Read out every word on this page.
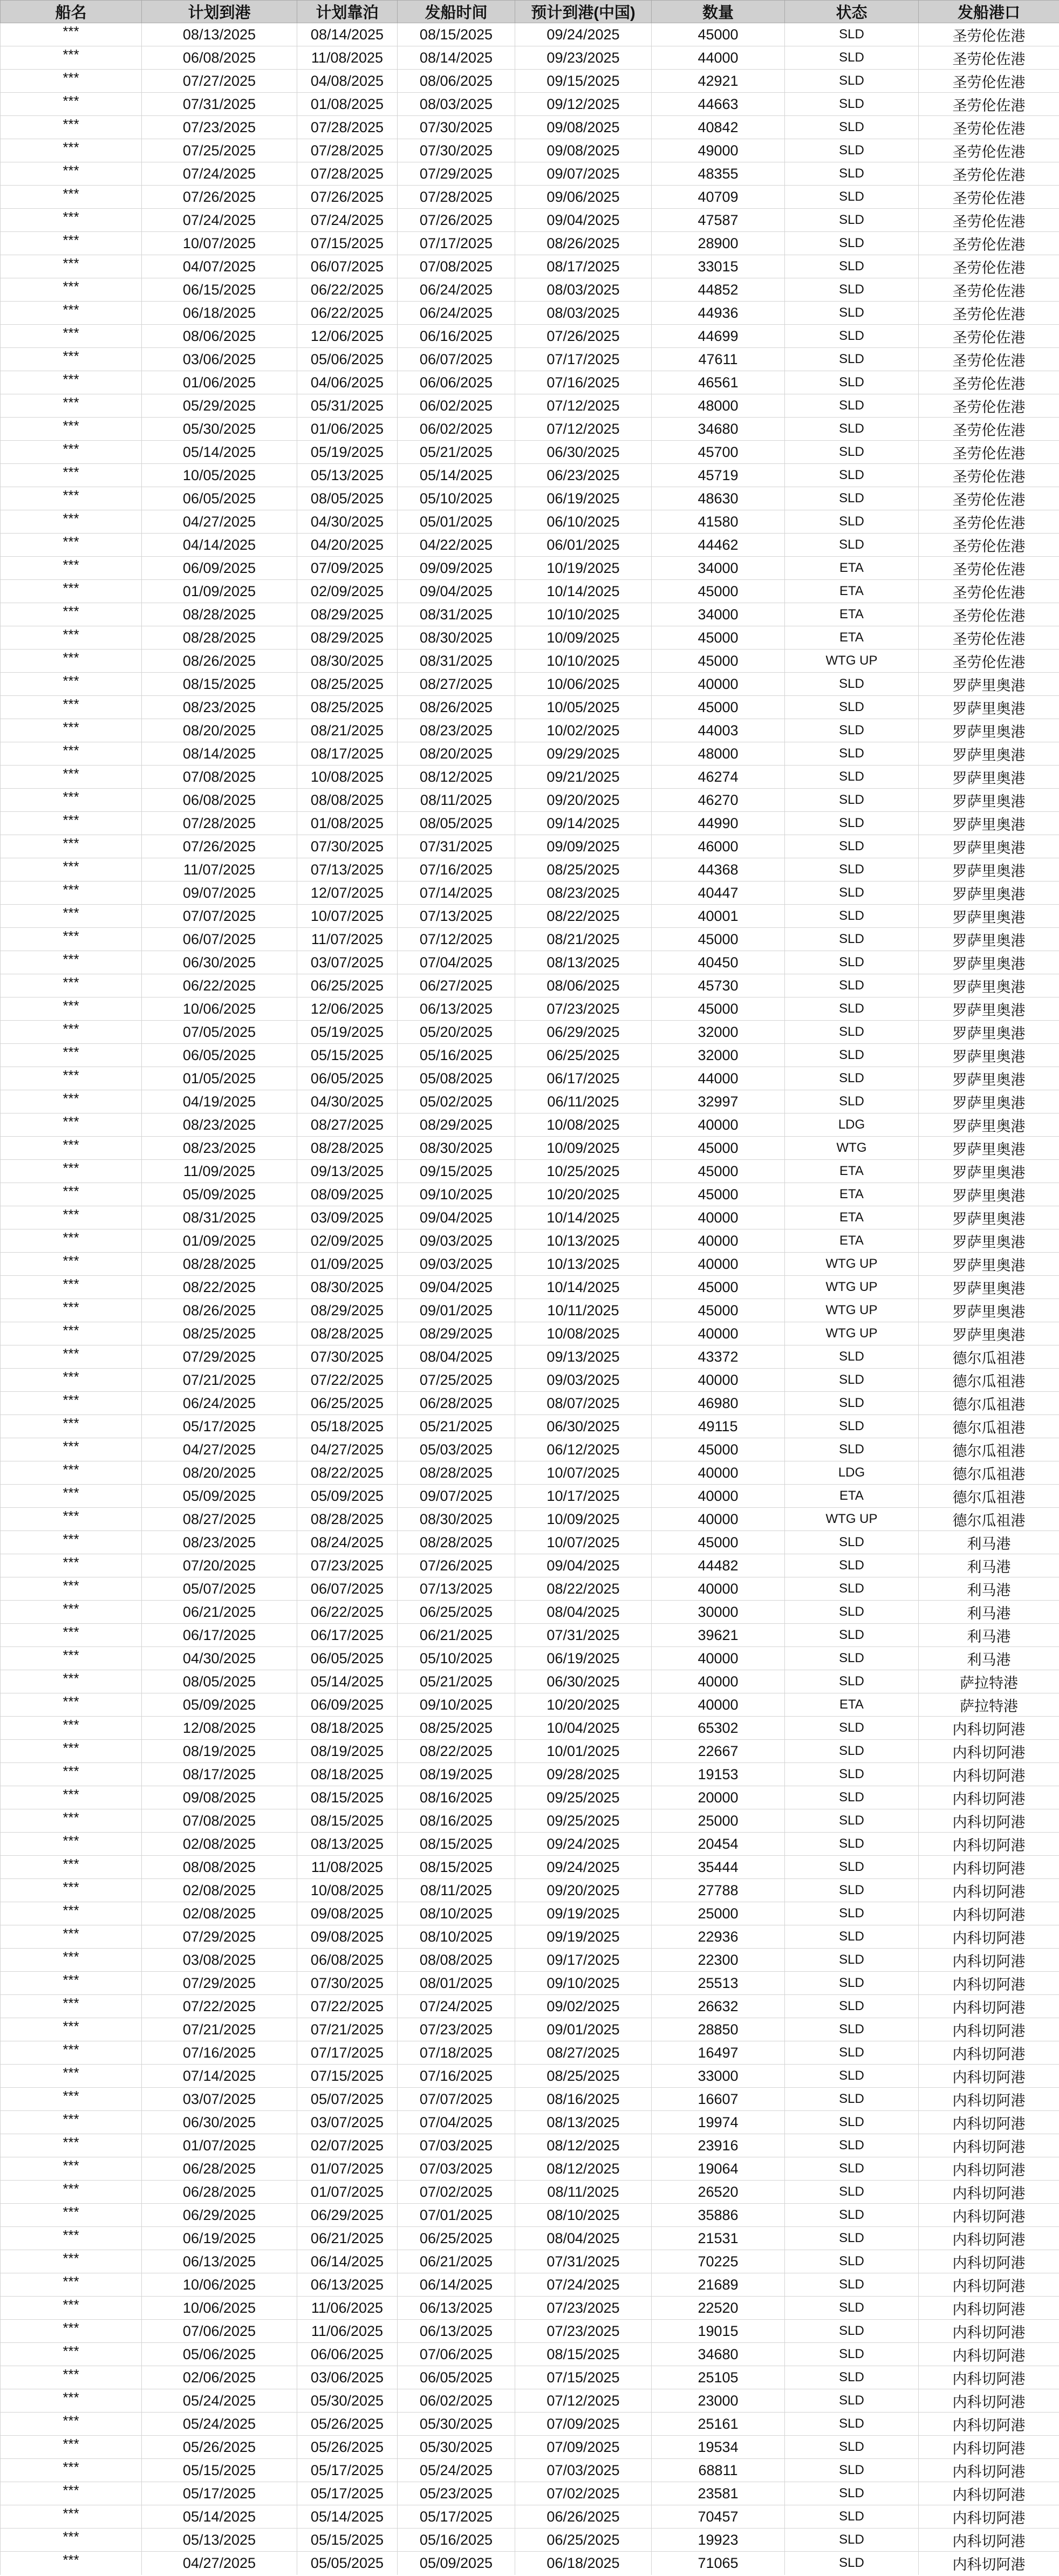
船名	计划到港	计划靠泊	发船时间	预计到港(中国)	数量	状态	发船港口
***	08/13/2025	08/14/2025	08/15/2025	09/24/2025	45000	SLD	圣劳伦佐港
***	06/08/2025	11/08/2025	08/14/2025	09/23/2025	44000	SLD	圣劳伦佐港
***	07/27/2025	04/08/2025	08/06/2025	09/15/2025	42921	SLD	圣劳伦佐港
***	07/31/2025	01/08/2025	08/03/2025	09/12/2025	44663	SLD	圣劳伦佐港
***	07/23/2025	07/28/2025	07/30/2025	09/08/2025	40842	SLD	圣劳伦佐港
***	07/25/2025	07/28/2025	07/30/2025	09/08/2025	49000	SLD	圣劳伦佐港
***	07/24/2025	07/28/2025	07/29/2025	09/07/2025	48355	SLD	圣劳伦佐港
***	07/26/2025	07/26/2025	07/28/2025	09/06/2025	40709	SLD	圣劳伦佐港
***	07/24/2025	07/24/2025	07/26/2025	09/04/2025	47587	SLD	圣劳伦佐港
***	10/07/2025	07/15/2025	07/17/2025	08/26/2025	28900	SLD	圣劳伦佐港
***	04/07/2025	06/07/2025	07/08/2025	08/17/2025	33015	SLD	圣劳伦佐港
***	06/15/2025	06/22/2025	06/24/2025	08/03/2025	44852	SLD	圣劳伦佐港
***	06/18/2025	06/22/2025	06/24/2025	08/03/2025	44936	SLD	圣劳伦佐港
***	08/06/2025	12/06/2025	06/16/2025	07/26/2025	44699	SLD	圣劳伦佐港
***	03/06/2025	05/06/2025	06/07/2025	07/17/2025	47611	SLD	圣劳伦佐港
***	01/06/2025	04/06/2025	06/06/2025	07/16/2025	46561	SLD	圣劳伦佐港
***	05/29/2025	05/31/2025	06/02/2025	07/12/2025	48000	SLD	圣劳伦佐港
***	05/30/2025	01/06/2025	06/02/2025	07/12/2025	34680	SLD	圣劳伦佐港
***	05/14/2025	05/19/2025	05/21/2025	06/30/2025	45700	SLD	圣劳伦佐港
***	10/05/2025	05/13/2025	05/14/2025	06/23/2025	45719	SLD	圣劳伦佐港
***	06/05/2025	08/05/2025	05/10/2025	06/19/2025	48630	SLD	圣劳伦佐港
***	04/27/2025	04/30/2025	05/01/2025	06/10/2025	41580	SLD	圣劳伦佐港
***	04/14/2025	04/20/2025	04/22/2025	06/01/2025	44462	SLD	圣劳伦佐港
***	06/09/2025	07/09/2025	09/09/2025	10/19/2025	34000	ETA	圣劳伦佐港
***	01/09/2025	02/09/2025	09/04/2025	10/14/2025	45000	ETA	圣劳伦佐港
***	08/28/2025	08/29/2025	08/31/2025	10/10/2025	34000	ETA	圣劳伦佐港
***	08/28/2025	08/29/2025	08/30/2025	10/09/2025	45000	ETA	圣劳伦佐港
***	08/26/2025	08/30/2025	08/31/2025	10/10/2025	45000	WTG UP	圣劳伦佐港
***	08/15/2025	08/25/2025	08/27/2025	10/06/2025	40000	SLD	罗萨里奥港
***	08/23/2025	08/25/2025	08/26/2025	10/05/2025	45000	SLD	罗萨里奥港
***	08/20/2025	08/21/2025	08/23/2025	10/02/2025	44003	SLD	罗萨里奥港
***	08/14/2025	08/17/2025	08/20/2025	09/29/2025	48000	SLD	罗萨里奥港
***	07/08/2025	10/08/2025	08/12/2025	09/21/2025	46274	SLD	罗萨里奥港
***	06/08/2025	08/08/2025	08/11/2025	09/20/2025	46270	SLD	罗萨里奥港
***	07/28/2025	01/08/2025	08/05/2025	09/14/2025	44990	SLD	罗萨里奥港
***	07/26/2025	07/30/2025	07/31/2025	09/09/2025	46000	SLD	罗萨里奥港
***	11/07/2025	07/13/2025	07/16/2025	08/25/2025	44368	SLD	罗萨里奥港
***	09/07/2025	12/07/2025	07/14/2025	08/23/2025	40447	SLD	罗萨里奥港
***	07/07/2025	10/07/2025	07/13/2025	08/22/2025	40001	SLD	罗萨里奥港
***	06/07/2025	11/07/2025	07/12/2025	08/21/2025	45000	SLD	罗萨里奥港
***	06/30/2025	03/07/2025	07/04/2025	08/13/2025	40450	SLD	罗萨里奥港
***	06/22/2025	06/25/2025	06/27/2025	08/06/2025	45730	SLD	罗萨里奥港
***	10/06/2025	12/06/2025	06/13/2025	07/23/2025	45000	SLD	罗萨里奥港
***	07/05/2025	05/19/2025	05/20/2025	06/29/2025	32000	SLD	罗萨里奥港
***	06/05/2025	05/15/2025	05/16/2025	06/25/2025	32000	SLD	罗萨里奥港
***	01/05/2025	06/05/2025	05/08/2025	06/17/2025	44000	SLD	罗萨里奥港
***	04/19/2025	04/30/2025	05/02/2025	06/11/2025	32997	SLD	罗萨里奥港
***	08/23/2025	08/27/2025	08/29/2025	10/08/2025	40000	LDG	罗萨里奥港
***	08/23/2025	08/28/2025	08/30/2025	10/09/2025	45000	WTG	罗萨里奥港
***	11/09/2025	09/13/2025	09/15/2025	10/25/2025	45000	ETA	罗萨里奥港
***	05/09/2025	08/09/2025	09/10/2025	10/20/2025	45000	ETA	罗萨里奥港
***	08/31/2025	03/09/2025	09/04/2025	10/14/2025	40000	ETA	罗萨里奥港
***	01/09/2025	02/09/2025	09/03/2025	10/13/2025	40000	ETA	罗萨里奥港
***	08/28/2025	01/09/2025	09/03/2025	10/13/2025	40000	WTG UP	罗萨里奥港
***	08/22/2025	08/30/2025	09/04/2025	10/14/2025	45000	WTG UP	罗萨里奥港
***	08/26/2025	08/29/2025	09/01/2025	10/11/2025	45000	WTG UP	罗萨里奥港
***	08/25/2025	08/28/2025	08/29/2025	10/08/2025	40000	WTG UP	罗萨里奥港
***	07/29/2025	07/30/2025	08/04/2025	09/13/2025	43372	SLD	德尔瓜祖港
***	07/21/2025	07/22/2025	07/25/2025	09/03/2025	40000	SLD	德尔瓜祖港
***	06/24/2025	06/25/2025	06/28/2025	08/07/2025	46980	SLD	德尔瓜祖港
***	05/17/2025	05/18/2025	05/21/2025	06/30/2025	49115	SLD	德尔瓜祖港
***	04/27/2025	04/27/2025	05/03/2025	06/12/2025	45000	SLD	德尔瓜祖港
***	08/20/2025	08/22/2025	08/28/2025	10/07/2025	40000	LDG	德尔瓜祖港
***	05/09/2025	05/09/2025	09/07/2025	10/17/2025	40000	ETA	德尔瓜祖港
***	08/27/2025	08/28/2025	08/30/2025	10/09/2025	40000	WTG UP	德尔瓜祖港
***	08/23/2025	08/24/2025	08/28/2025	10/07/2025	45000	SLD	利马港
***	07/20/2025	07/23/2025	07/26/2025	09/04/2025	44482	SLD	利马港
***	05/07/2025	06/07/2025	07/13/2025	08/22/2025	40000	SLD	利马港
***	06/21/2025	06/22/2025	06/25/2025	08/04/2025	30000	SLD	利马港
***	06/17/2025	06/17/2025	06/21/2025	07/31/2025	39621	SLD	利马港
***	04/30/2025	06/05/2025	05/10/2025	06/19/2025	40000	SLD	利马港
***	08/05/2025	05/14/2025	05/21/2025	06/30/2025	40000	SLD	萨拉特港
***	05/09/2025	06/09/2025	09/10/2025	10/20/2025	40000	ETA	萨拉特港
***	12/08/2025	08/18/2025	08/25/2025	10/04/2025	65302	SLD	内科切阿港
***	08/19/2025	08/19/2025	08/22/2025	10/01/2025	22667	SLD	内科切阿港
***	08/17/2025	08/18/2025	08/19/2025	09/28/2025	19153	SLD	内科切阿港
***	09/08/2025	08/15/2025	08/16/2025	09/25/2025	20000	SLD	内科切阿港
***	07/08/2025	08/15/2025	08/16/2025	09/25/2025	25000	SLD	内科切阿港
***	02/08/2025	08/13/2025	08/15/2025	09/24/2025	20454	SLD	内科切阿港
***	08/08/2025	11/08/2025	08/15/2025	09/24/2025	35444	SLD	内科切阿港
***	02/08/2025	10/08/2025	08/11/2025	09/20/2025	27788	SLD	内科切阿港
***	02/08/2025	09/08/2025	08/10/2025	09/19/2025	25000	SLD	内科切阿港
***	07/29/2025	09/08/2025	08/10/2025	09/19/2025	22936	SLD	内科切阿港
***	03/08/2025	06/08/2025	08/08/2025	09/17/2025	22300	SLD	内科切阿港
***	07/29/2025	07/30/2025	08/01/2025	09/10/2025	25513	SLD	内科切阿港
***	07/22/2025	07/22/2025	07/24/2025	09/02/2025	26632	SLD	内科切阿港
***	07/21/2025	07/21/2025	07/23/2025	09/01/2025	28850	SLD	内科切阿港
***	07/16/2025	07/17/2025	07/18/2025	08/27/2025	16497	SLD	内科切阿港
***	07/14/2025	07/15/2025	07/16/2025	08/25/2025	33000	SLD	内科切阿港
***	03/07/2025	05/07/2025	07/07/2025	08/16/2025	16607	SLD	内科切阿港
***	06/30/2025	03/07/2025	07/04/2025	08/13/2025	19974	SLD	内科切阿港
***	01/07/2025	02/07/2025	07/03/2025	08/12/2025	23916	SLD	内科切阿港
***	06/28/2025	01/07/2025	07/03/2025	08/12/2025	19064	SLD	内科切阿港
***	06/28/2025	01/07/2025	07/02/2025	08/11/2025	26520	SLD	内科切阿港
***	06/29/2025	06/29/2025	07/01/2025	08/10/2025	35886	SLD	内科切阿港
***	06/19/2025	06/21/2025	06/25/2025	08/04/2025	21531	SLD	内科切阿港
***	06/13/2025	06/14/2025	06/21/2025	07/31/2025	70225	SLD	内科切阿港
***	10/06/2025	06/13/2025	06/14/2025	07/24/2025	21689	SLD	内科切阿港
***	10/06/2025	11/06/2025	06/13/2025	07/23/2025	22520	SLD	内科切阿港
***	07/06/2025	11/06/2025	06/13/2025	07/23/2025	19015	SLD	内科切阿港
***	05/06/2025	06/06/2025	07/06/2025	08/15/2025	34680	SLD	内科切阿港
***	02/06/2025	03/06/2025	06/05/2025	07/15/2025	25105	SLD	内科切阿港
***	05/24/2025	05/30/2025	06/02/2025	07/12/2025	23000	SLD	内科切阿港
***	05/24/2025	05/26/2025	05/30/2025	07/09/2025	25161	SLD	内科切阿港
***	05/26/2025	05/26/2025	05/30/2025	07/09/2025	19534	SLD	内科切阿港
***	05/15/2025	05/17/2025	05/24/2025	07/03/2025	68811	SLD	内科切阿港
***	05/17/2025	05/17/2025	05/23/2025	07/02/2025	23581	SLD	内科切阿港
***	05/14/2025	05/14/2025	05/17/2025	06/26/2025	70457	SLD	内科切阿港
***	05/13/2025	05/15/2025	05/16/2025	06/25/2025	19923	SLD	内科切阿港
***	04/27/2025	05/05/2025	05/09/2025	06/18/2025	71065	SLD	内科切阿港
